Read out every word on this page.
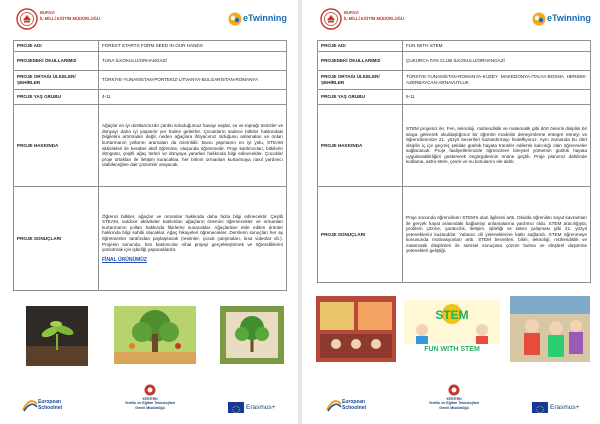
BURSA
İL MİLLİ EĞİTİM MÜDÜRLÜĞÜ	eTwinning
PROJE ADI	FOREST STARTS FORM SEED IN OUR HANDS
PROJEDEKİ OKULLARIMIZ	TUNA İLKOKULU/ORHANGAZİ
PROJE ORTAĞI ÜLKELER/ŞEHİRLER	TÜRKİYE-YUNANİSTAN-PORTEKİZ-LİTVANYA-BULGARİSTAN-ROMANYA
PROJE YAŞ GRUBU	4-11
PROJE HAKKINDA	Ağaçlar en iyi dostlarımızdır çünkü soluduğumuz havayı saşlar, su ve toprağı temizler ve dünyayı daha iyi yaşanılır yer haline getirirler. Çocukların sadece bitkiler hakkındaki bilgilerini artırmaları değil, neden ağaçlara ihtiyacımız olduğunu anlamaları ve onları kurtarmanın yollarını aramaları da önemlidir. Bunu yapmanın en iyi yolu, STEAM aktiviteleri ile beraber aktif öğrenme, oluşunda öğrenmedir. Proje katılımcıları, bitkilerin döngüsü, çeşitli ağaç türleri ve dünyaya yararları hakkında bilgi edinecekler. Çocuklar proje ortakları ile iletişim kuracaklar, her birinin ormanları kurtarmaya nasıl yardımcı olabileceğine dair çözümler arayacak.
PROJE SONUÇLARI	Öğrenci bitkiler, ağaçlar ve ormanlar hakkında daha fazla bilgi edinecektir. Çeşitli STEAM, outdoor aktiviteler katılımları ağaçların önemini öğrenecekler ve ormanları kurtarmanın yolları hakkında fikirlerini sunacaklar. Ağaçlardan elde edilen ürünler hakkında bilgi sahibi olacaklar. Ağaç hikayeleri öğrenecekler. Derslerin sonuçları her ay öğretmenler tarafından paylaşılacak (resimler, çocuk çalışmaları, kısa videolar vb.). Projenin sonunda, tüm katılımcılar nihai projeyi gerçekleştirmek ve öğrendiklerini yansıtmak için işbirliği yapacaklardır.

FİNAL ÜRÜNÜMÜZ

European
Schoolnet
YEĞİTEK
Yenilik ve Eğitim Teknolojileri
Genel Müdürlüğü	Erasmus+
BURSA
İL MİLLİ EĞİTİM MÜDÜRLÜĞÜ	eTwinning
PROJE ADI	FUN WITH STEM
PROJEDEKİ OKULLARIMIZ	ÇUKURCA FAN CLUB İLKOKULU/ORHANGAZİ
PROJE ORTAĞI ÜLKELER/ŞEHİRLER	TÜRKİYE-YUNANİSTAN-ROMANYA-KUZEY MAKEDONYA-İTALYA-BOSNA HERSEK-AZERBAYCAN-ARNAVUTLUK
PROJE YAŞ GRUBU	6-11
PROJE HAKKINDA	STEM projemiz ile; Fen, teknoloji, mühendislik ve matematik gibi dört önemli disiplini bir araya getirerek okuldaşlığımız bir öğretim modelini deneyimleme entegre etmeyi ve öğrencilerimize 21. yüzyıl becerileri kazandırmayı hedefliyoruz. Aynı zamanda bu dört disiplin iç içe geçmiş şekilde günlük hayata transfer edilerek kalıcılığı olan öğrenmeler sağlanacak. Proje faaliyetlerimizde öğrencilere bireysel yöntemin günlük hayata uygulanabilirliğini göstererek öngörgülerinin önüne geçtik. Proje planımız dahilinde kodlama, astro-stem, çevre ve su konularını ele aldık.
PROJE SONUÇLARI	Proje sonunda öğrencilerin STEM'e olan ilgilerini arttı. Okulda öğrenilen soyut kavramları ile gerçek hayat arasındaki bağlantıyı anlamalarına yardımcı oldu. STEM aracılığıyla; problem çözme, yaratıcılık, iletişim, işbirliği ve takım çalışması gibi 21. yüzyıl yeteneklerini kazandılar. Yabancı dil yeteneklerine katkı sağlandı. STEM öğrenmeye konusunda motivasyonları arttı. STEM becerileri, bilim, teknoloji, mühendislik ve matematik disiplinleri ile süresel sonuçlara çözüm bulma ve eleştirel düşünme yetenekleri geliştiği.
STEM
FUN WITH STEM
European
Schoolnet
YEĞİTEK
Yenilik ve Eğitim Teknolojileri
Genel Müdürlüğü	Erasmus+
